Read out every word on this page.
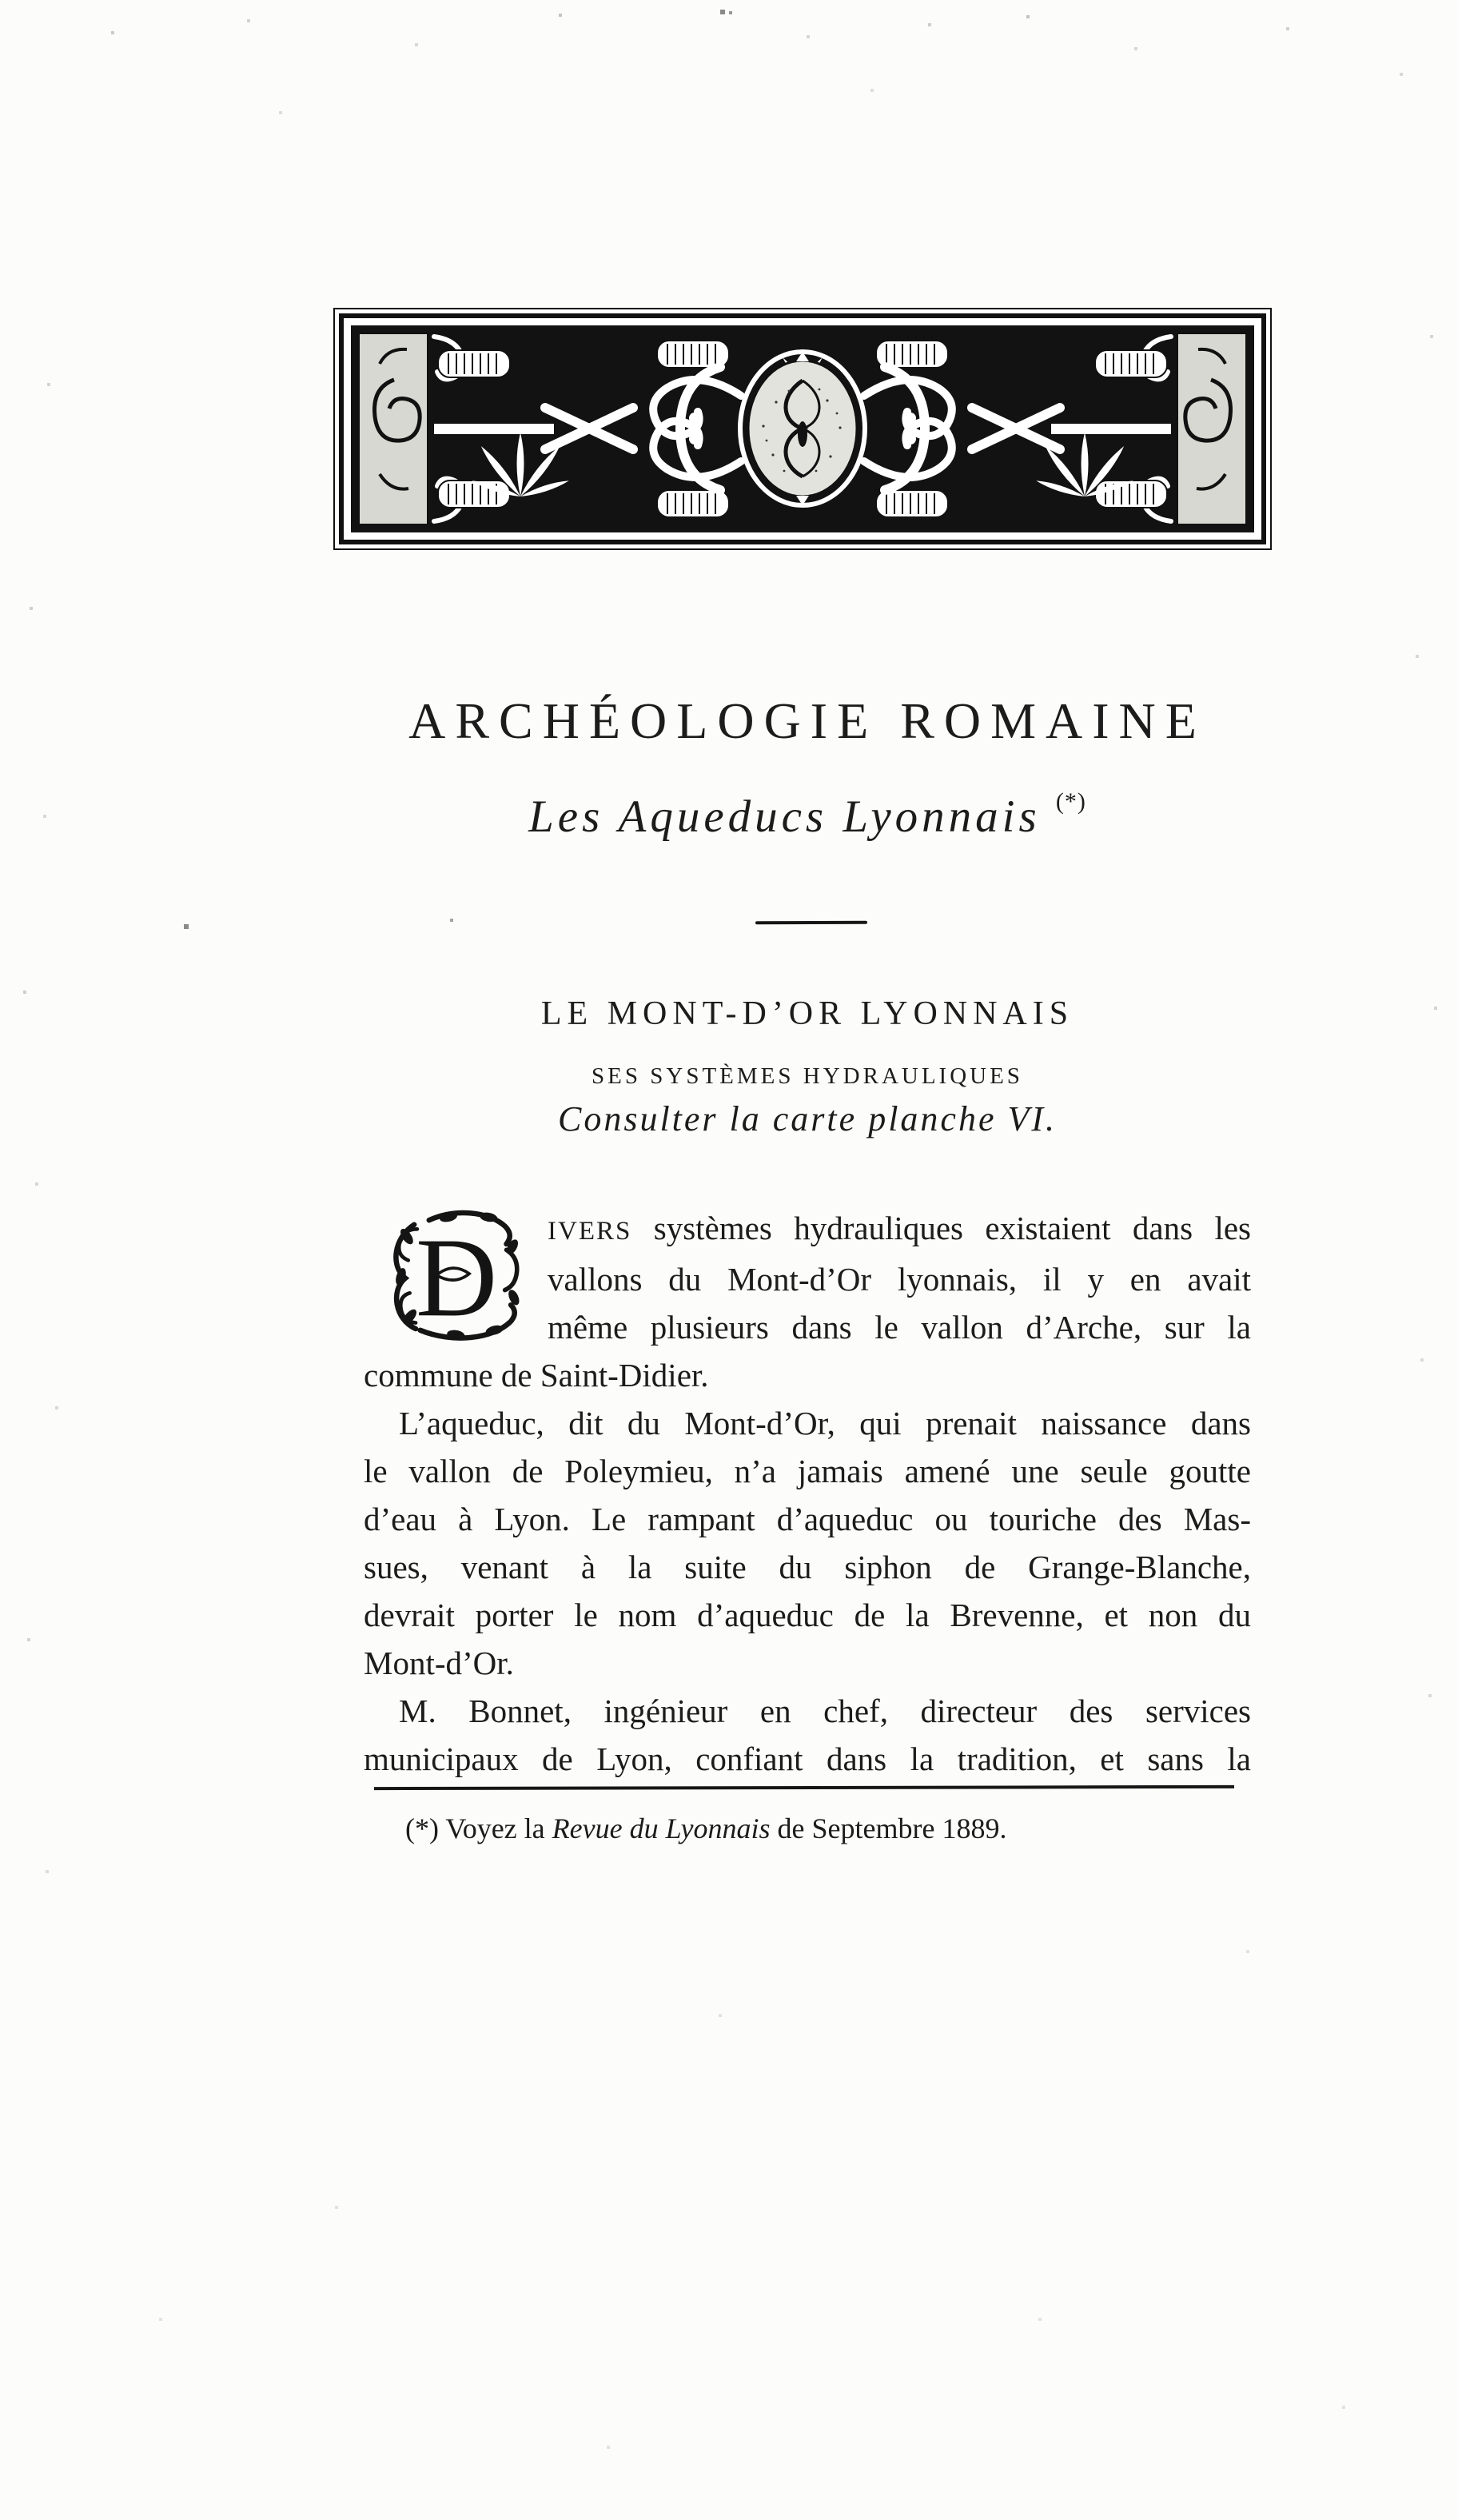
ARCHÉOLOGIE ROMAINE
Les Aqueducs Lyonnais (*)
LE MONT-D’OR LYONNAIS
SES SYSTÈMES HYDRAULIQUES
Consulter la carte planche VI.
D	IVERS systèmes hydrauliques existaient dans les
vallons du Mont-d’Or lyonnais, il y en avait
même plusieurs dans le vallon d’Arche, sur la
commune de Saint-Didier.
L’aqueduc, dit du Mont-d’Or, qui prenait naissance dans
le vallon de Poleymieu, n’a jamais amené une seule goutte
d’eau à Lyon. Le rampant d’aqueduc ou touriche des Mas-
sues, venant à la suite du siphon de Grange-Blanche,
devrait porter le nom d’aqueduc de la Brevenne, et non du
Mont-d’Or.
M. Bonnet, ingénieur en chef, directeur des services
municipaux de Lyon, confiant dans la tradition, et sans la
(*) Voyez la Revue du Lyonnais de Septembre 1889.
